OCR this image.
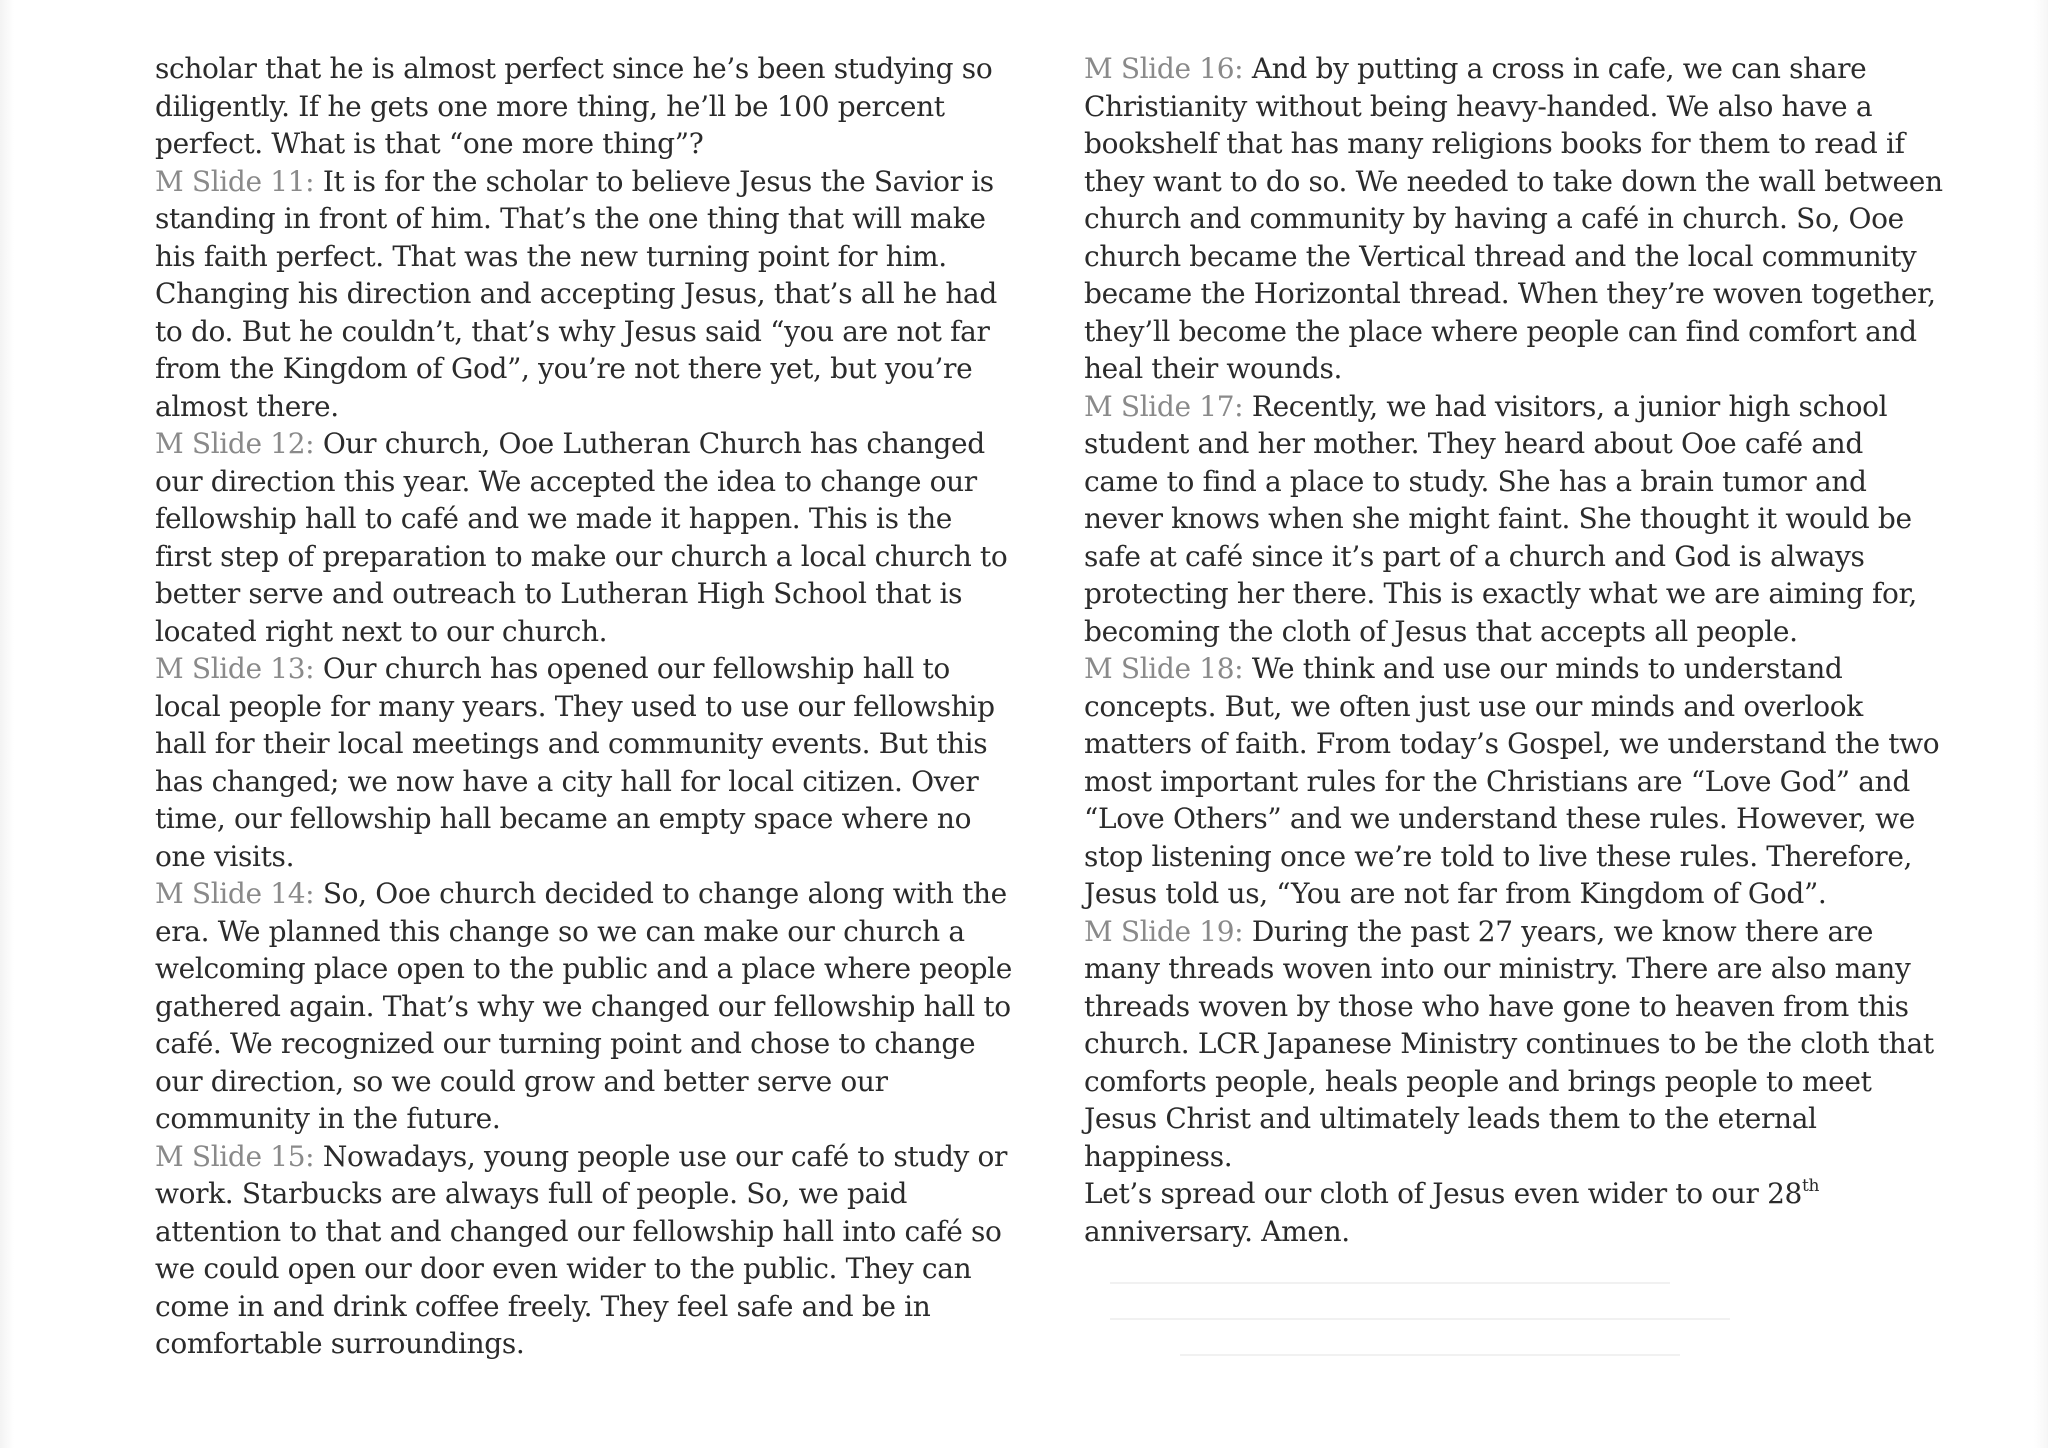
scholar that he is almost perfect since he’s been studying so diligently. If he gets one more thing, he’ll be 100 percent perfect. What is that “one more thing”?

M Slide 11: It is for the scholar to believe Jesus the Savior is standing in front of him. That’s the one thing that will make his faith perfect. That was the new turning point for him. Changing his direction and accepting Jesus, that’s all he had to do. But he couldn’t, that’s why Jesus said “you are not far from the Kingdom of God”, you’re not there yet, but you’re almost there.

M Slide 12: Our church, Ooe Lutheran Church has changed our direction this year. We accepted the idea to change our fellowship hall to café and we made it happen. This is the first step of preparation to make our church a local church to better serve and outreach to Lutheran High School that is located right next to our church.

M Slide 13: Our church has opened our fellowship hall to local people for many years. They used to use our fellowship hall for their local meetings and community events. But this has changed; we now have a city hall for local citizen. Over time, our fellowship hall became an empty space where no one visits.

M Slide 14: So, Ooe church decided to change along with the era. We planned this change so we can make our church a welcoming place open to the public and a place where people gathered again. That’s why we changed our fellowship hall to café. We recognized our turning point and chose to change our direction, so we could grow and better serve our community in the future.

M Slide 15: Nowadays, young people use our café to study or work. Starbucks are always full of people. So, we paid attention to that and changed our fellowship hall into café so we could open our door even wider to the public. They can come in and drink coffee freely. They feel safe and be in comfortable surroundings.

M Slide 16: And by putting a cross in cafe, we can share Christianity without being heavy-handed. We also have a bookshelf that has many religions books for them to read if they want to do so. We needed to take down the wall between church and community by having a café in church. So, Ooe church became the Vertical thread and the local community became the Horizontal thread. When they’re woven together, they’ll become the place where people can find comfort and heal their wounds.

M Slide 17: Recently, we had visitors, a junior high school student and her mother. They heard about Ooe café and came to find a place to study. She has a brain tumor and never knows when she might faint. She thought it would be safe at café since it’s part of a church and God is always protecting her there. This is exactly what we are aiming for, becoming the cloth of Jesus that accepts all people.

M Slide 18: We think and use our minds to understand concepts. But, we often just use our minds and overlook matters of faith. From today’s Gospel, we understand the two most important rules for the Christians are “Love God” and “Love Others” and we understand these rules. However, we stop listening once we’re told to live these rules. Therefore, Jesus told us, “You are not far from Kingdom of God”.

M Slide 19: During the past 27 years, we know there are many threads woven into our ministry. There are also many threads woven by those who have gone to heaven from this church. LCR Japanese Ministry continues to be the cloth that comforts people, heals people and brings people to meet Jesus Christ and ultimately leads them to the eternal happiness.

Let’s spread our cloth of Jesus even wider to our 28th anniversary. Amen.
